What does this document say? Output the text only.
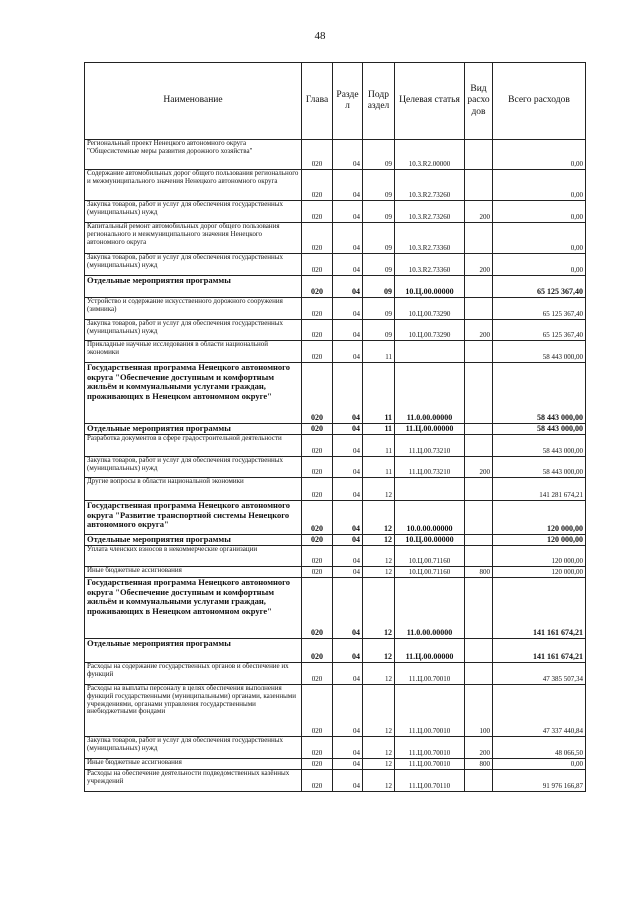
48
Наименование	Глава	Разде л	Подр аздел	Целевая статья	Вид расхо дов	Всего расходов
Региональный проект Ненецкого автономного округа "Общесистемные меры развития дорожного хозяйства"	020	04	09	10.3.R2.00000		0,00
Содержание автомобильных дорог общего пользования регионального и межмуниципального значения Ненецкого автономного округа	020	04	09	10.3.R2.73260		0,00
Закупка товаров, работ и услуг для обеспечения государственных (муниципальных) нужд	020	04	09	10.3.R2.73260	200	0,00
Капитальный ремонт автомобильных дорог общего пользования регионального и межмуниципального значения Ненецкого автономного округа	020	04	09	10.3.R2.73360		0,00
Закупка товаров, работ и услуг для обеспечения государственных (муниципальных) нужд	020	04	09	10.3.R2.73360	200	0,00
Отдельные мероприятия программы	020	04	09	10.Ц.00.00000		65 125 367,40
Устройство и содержание искусственного дорожного сооружения (зимника)	020	04	09	10.Ц.00.73290		65 125 367,40
Закупка товаров, работ и услуг для обеспечения государственных (муниципальных) нужд	020	04	09	10.Ц.00.73290	200	65 125 367,40
Прикладные научные исследования в области национальной экономики	020	04	11			58 443 000,00
Государственная программа Ненецкого автономного округа "Обеспечение доступным и комфортным жильём и коммунальными услугами граждан, проживающих в Ненецком автономном округе"	020	04	11	11.0.00.00000		58 443 000,00
Отдельные мероприятия программы	020	04	11	11.Ц.00.00000		58 443 000,00
Разработка документов в сфере градостроительной деятельности	020	04	11	11.Ц.00.73210		58 443 000,00
Закупка товаров, работ и услуг для обеспечения государственных (муниципальных) нужд	020	04	11	11.Ц.00.73210	200	58 443 000,00
Другие вопросы в области национальной экономики	020	04	12			141 281 674,21
Государственная программа Ненецкого автономного округа "Развитие транспортной системы Ненецкого автономного округа"	020	04	12	10.0.00.00000		120 000,00
Отдельные мероприятия программы	020	04	12	10.Ц.00.00000		120 000,00
Уплата членских взносов в некоммерческие организации	020	04	12	10.Ц.00.71160		120 000,00
Иные бюджетные ассигнования	020	04	12	10.Ц.00.71160	800	120 000,00
Государственная программа Ненецкого автономного округа "Обеспечение доступным и комфортным жильём и коммунальными услугами граждан, проживающих в Ненецком автономном округе"	020	04	12	11.0.00.00000		141 161 674,21
Отдельные мероприятия программы	020	04	12	11.Ц.00.00000		141 161 674,21
Расходы на содержание государственных органов и обеспечение их функций	020	04	12	11.Ц.00.70010		47 385 507,34
Расходы на выплаты персоналу в целях обеспечения выполнения функций государственными (муниципальными) органами, казенными учреждениями, органами управления государственными внебюджетными фондами	020	04	12	11.Ц.00.70010	100	47 337 440,84
Закупка товаров, работ и услуг для обеспечения государственных (муниципальных) нужд	020	04	12	11.Ц.00.70010	200	48 066,50
Иные бюджетные ассигнования	020	04	12	11.Ц.00.70010	800	0,00
Расходы на обеспечение деятельности подведомственных казённых учреждений	020	04	12	11.Ц.00.70110		91 976 166,87
